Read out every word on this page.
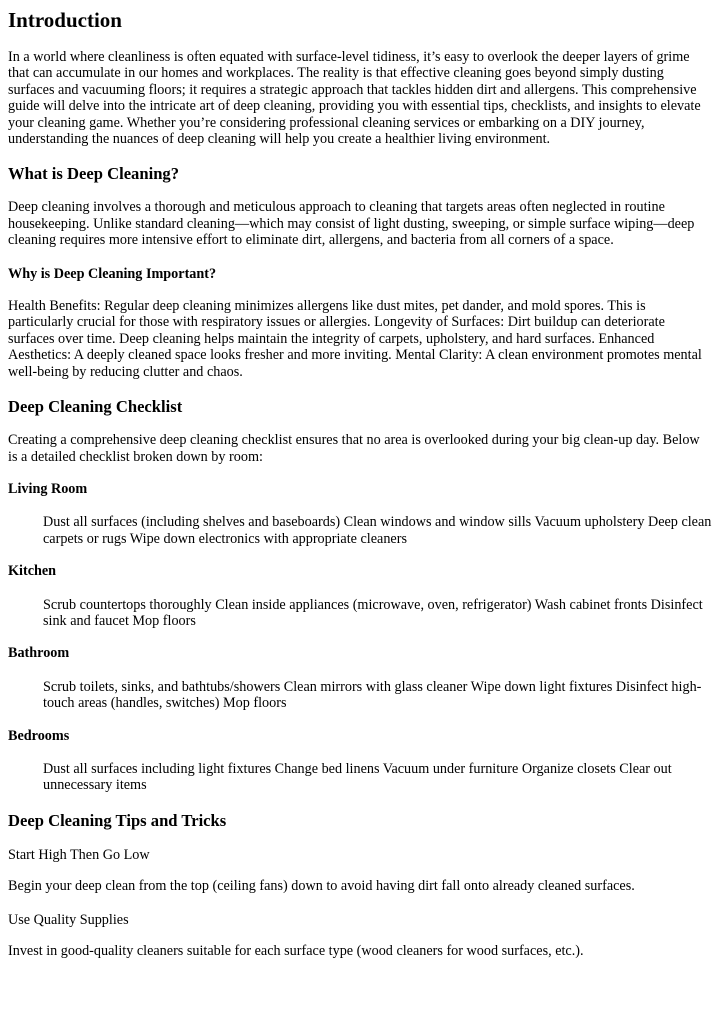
Introduction

In a world where cleanliness is often equated with surface-level tidiness, it’s easy to overlook the deeper layers of grime that can accumulate in our homes and workplaces. The reality is that effective cleaning goes beyond simply dusting surfaces and vacuuming floors; it requires a strategic approach that tackles hidden dirt and allergens. This comprehensive guide will delve into the intricate art of deep cleaning, providing you with essential tips, checklists, and insights to elevate your cleaning game. Whether you’re considering professional cleaning services or embarking on a DIY journey, understanding the nuances of deep cleaning will help you create a healthier living environment.

What is Deep Cleaning?

Deep cleaning involves a thorough and meticulous approach to cleaning that targets areas often neglected in routine housekeeping. Unlike standard cleaning—which may consist of light dusting, sweeping, or simple surface wiping—deep cleaning requires more intensive effort to eliminate dirt, allergens, and bacteria from all corners of a space.

Why is Deep Cleaning Important?

Health Benefits: Regular deep cleaning minimizes allergens like dust mites, pet dander, and mold spores. This is particularly crucial for those with respiratory issues or allergies. Longevity of Surfaces: Dirt buildup can deteriorate surfaces over time. Deep cleaning helps maintain the integrity of carpets, upholstery, and hard surfaces. Enhanced Aesthetics: A deeply cleaned space looks fresher and more inviting. Mental Clarity: A clean environment promotes mental well-being by reducing clutter and chaos.

Deep Cleaning Checklist

Creating a comprehensive deep cleaning checklist ensures that no area is overlooked during your big clean-up day. Below is a detailed checklist broken down by room:

Living Room
Dust all surfaces (including shelves and baseboards) Clean windows and window sills Vacuum upholstery Deep clean carpets or rugs Wipe down electronics with appropriate cleaners
Kitchen
Scrub countertops thoroughly Clean inside appliances (microwave, oven, refrigerator) Wash cabinet fronts Disinfect sink and faucet Mop floors
Bathroom
Scrub toilets, sinks, and bathtubs/showers Clean mirrors with glass cleaner Wipe down light fixtures Disinfect high-touch areas (handles, switches) Mop floors
Bedrooms
Dust all surfaces including light fixtures Change bed linens Vacuum under furniture Organize closets Clear out unnecessary items
Deep Cleaning Tips and Tricks

Start High Then Go Low

Begin your deep clean from the top (ceiling fans) down to avoid having dirt fall onto already cleaned surfaces.

Use Quality Supplies

Invest in good-quality cleaners suitable for each surface type (wood cleaners for wood surfaces, etc.).
